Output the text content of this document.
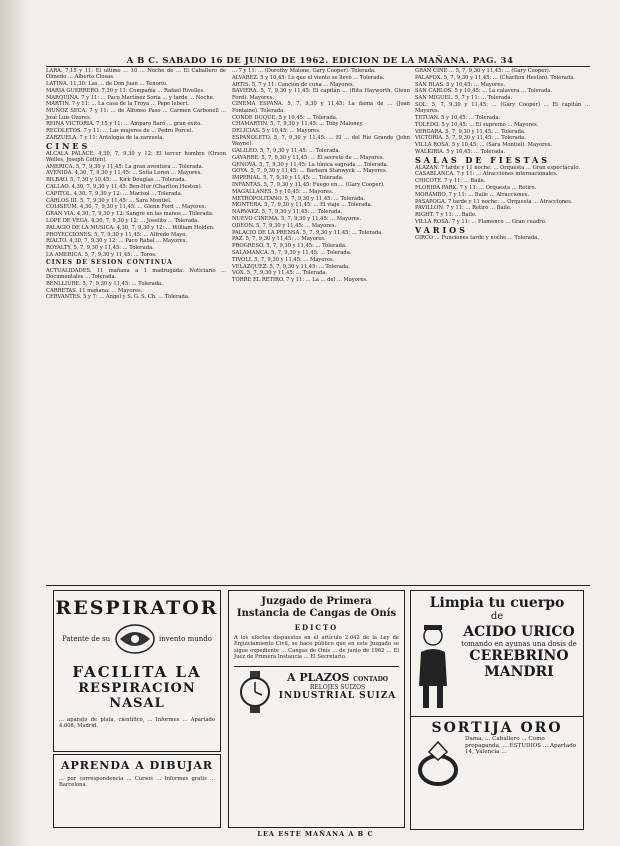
A B C. SABADO 16 DE JUNIO DE 1962. EDICION DE LA MAÑANA. PAG. 34

LARA. 7,15 y 11: El ultimo ... 10 ... Noche de ... El Caballero de Olmedo ... Alberto Closas.

LATINA. 11,30: Las ... de Don Juan ... Tenorio.

MARIA GUERRERO. 7,30 y 11: Compañía ... Rafael Rivelles.

MARQUINA. 7 y 11: ... Paco Martínez Soria ... y tarde ... Noche.

MARTIN. 7 y 11: ... La casa de la Troya ... Pepe Isbert.

MUÑOZ SECA. 7 y 11: ... de Alfonso Paso ... Carmen Carbonell ... José Luis Ozores.

REINA VICTORIA. 7,15 y 11: ... Amparo Baró ... gran éxito.

RECOLETOS. 7 y 11: ... Las mujeres de ... Pedro Porcel.

ZARZUELA. 7 y 11: Antología de la zarzuela.

CINES

ALCALA PALACE. 4,30, 7, 9,30 y 12: El tercer hombre (Orson Welles, Joseph Cotten).

AMERICA. 5, 7, 9,30 y 11,45: La gran aventura ... Tolerada.

AVENIDA. 4,30, 7, 9,30 y 11,45: ... Sofía Loren ... Mayores.

BILBAO. 5, 7,30 y 10,45: ... Kirk Douglas ... Tolerada.

CALLAO. 4,30, 7, 9,30 y 11,45: Ben-Hur (Charlton Heston).

CAPITOL. 4,30, 7, 9,30 y 12: ... Marisol ... Tolerada.

CARLOS III. 5, 7, 9,30 y 11,45: ... Sara Montiel.

COLISEUM. 4,30, 7, 9,30 y 11,45: ... Glenn Ford ... Mayores.

GRAN VIA. 4,30, 7, 9,30 y 12: Sangre en las manos ... Tolerada.

LOPE DE VEGA. 4,30, 7, 9,30 y 12: ... Joselito ... Tolerada.

PALACIO DE LA MUSICA. 4,30, 7, 9,30 y 12: ... William Holden.

PROYECCIONES. 5, 7, 9,30 y 11,45: ... Alfredo Mayo.

RIALTO. 4,30, 7, 9,30 y 12: ... Paco Rabal ... Mayores.

ROYALTY. 5, 7, 9,30 y 11,45: ... Tolerada.

LA AMERICA. 5, 7, 9,30 y 11,45: ... Toros.

CINES DE SESION CONTINUA

ACTUALIDADES. 11 mañana a 1 madrugada: Noticiario ... Documentales ... Tolerada.

BENLLIURE. 5, 7, 9,30 y 11,45: ... Tolerada.

CARRETAS. 11 mañana: ... Mayores.

CERVANTES. 5 y 7: ... Ángel y S. G. S. Ch. ... Tolerada.

... 7 y 11: ... (Dorothy Malone, Gary Cooper). Tolerada.

ALVAREZ. 5 y 10,45: Lo que el viento se llevó ... Tolerada.

ARTIS. 5, 7 y 11: Canción de cuna ... Mayores.

BAVIERA. 5, 7, 9,30 y 11,45: El capitán ... (Rita Hayworth, Glenn Ford). Mayores.

CINEMA ESPAÑA. 5, 7, 9,30 y 11,45: La dama de ... (Joan Fontaine). Tolerada.

CONDE DUQUE. 5 y 10,45: ... Tolerada.

CHAMARTIN. 5, 7, 9,30 y 11,45: ... Toby Maloney.

DELICIAS. 5 y 10,45: ... Mayores.

ESPAÑOLETO. 5, 7, 9,30 y 11,45: ... El ... del Río Grande (John Wayne).

GALILEO. 5, 7, 9,30 y 11,45: ... Tolerada.

GAYARRE. 5, 7, 9,30 y 11,45: ... El secreto de ... Mayores.

GENOVA. 5, 7, 9,30 y 11,45: La túnica sagrada ... Tolerada.

GOYA. 5, 7, 9,30 y 11,45: ... Barbara Stanwyck ... Mayores.

IMPERIAL. 5, 7, 9,30 y 11,45: ... Tolerada.

INFANTAS. 5, 7, 9,30 y 11,45: Fuego en ... (Gary Cooper).

MAGALLANES. 5 y 10,45: ... Mayores.

METROPOLITANO. 5, 7, 9,30 y 11,45: ... Tolerada.

MONTERA. 5, 7, 9,30 y 11,45: ... El viaje ... Tolerada.

NARVAEZ. 5, 7, 9,30 y 11,45: ... Tolerada.

NUEVO CINEMA. 5, 7, 9,30 y 11,45: ... Mayores.

ODEON. 5, 7, 9,30 y 11,45: ... Mayores.

PALACIO DE LA PRENSA. 5, 7, 9,30 y 11,45: ... Tolerada.

PAZ. 5, 7, 9,30 y 11,45: ... Mayores.

PROGRESO. 5, 7, 9,30 y 11,45: ... Tolerada.

SALAMANCA. 5, 7, 9,30 y 11,45: ... Tolerada.

TIVOLI. 5, 7, 9,30 y 11,45: ... Mayores.

VELAZQUEZ. 5, 7, 9,30 y 11,45: ... Tolerada.

VOX. 5, 7, 9,30 y 11,45: ... Tolerada.

TORRE EL RETIRO. 7 y 11: ... La ... del ... Mayores.

GRAN CINE ... 5, 7, 9,30 y 11,45: ... (Gary Cooper).

PALAFOX. 5, 7, 9,30 y 11,45: ... (Charlton Heston). Tolerada.

SAN BLAS. 5 y 10,45: ... Mayores.

SAN CARLOS. 5 y 10,45: ... La calavera ... Tolerada.

SAN MIGUEL. 5, 7 y 11: ... Tolerada.

SOL. 5, 7, 9,30 y 11,45: ... (Gary Cooper) ... El capitán ... Mayores.

TETUAN. 5 y 10,45: ... Tolerada.

TOLEDO. 5 y 10,45: ... El supremo ... Mayores.

VERGARA. 5, 7, 9,30 y 11,45: ... Tolerada.

VICTORIA. 5, 7, 9,30 y 11,45: ... Tolerada.

VILLA ROSA. 5 y 10,45: ... (Sara Montiel). Mayores.

WALKIRIA. 5 y 10,45: ... Tolerada.

SALAS DE FIESTAS

ALAZAN. 7 tarde y 11 noche: ... Orquesta ... Gran espectáculo.

CASABLANCA. 7 y 11: ... Atracciones internacionales.

CHICOTE. 7 y 11: ... Baile.

FLORIDA PARK. 7 y 11: ... Orquesta ... Retiro.

MORAMBO. 7 y 11: ... Baile ... Atracciones.

PASAPOGA. 7 tarde y 11 noche: ... Orquesta ... Atracciones.

PAVILLON. 7 y 11: ... Retiro ... Baile.

RIGHT. 7 y 11: ... Baile.

VILLA ROSA. 7 y 11: ... Flamenco ... Gran cuadro.

VARIOS

CIRCO ... Funciones tarde y noche ... Tolerada.

RESPIRATOR
Patente de su	invento mundo
FACILITA LA
RESPIRACION NASAL
... aparato de plata, científico, ... Informes ... Apartado 4.008, Madrid.
APRENDA A DIBUJAR
... por correspondencia ... Cursos ... Informes gratis ... Barcelona.
Juzgado de Primera Instancia de Cangas de Onís
EDICTO
A los efectos dispuestos en el artículo 2.042 de la Ley de Enjuiciamiento Civil, se hace público que en este Juzgado se sigue expediente ... Cangas de Onís ... de junio de 1962 ... El Juez de Primera Instancia ... El Secretario.
A PLAZOS CONTADO
RELOJES SUIZOS
INDUSTRIAL SUIZA
Limpia tu cuerpo
de
ACIDO URICO
tomando en ayunas una dosis de
CEREBRINO MANDRI
SORTIJA ORO
Dama, ... Caballero ... Como propaganda, ... ESTUDIOS ... Apartado 14, Valencia ...
LEA ESTE MAÑANA A B C
